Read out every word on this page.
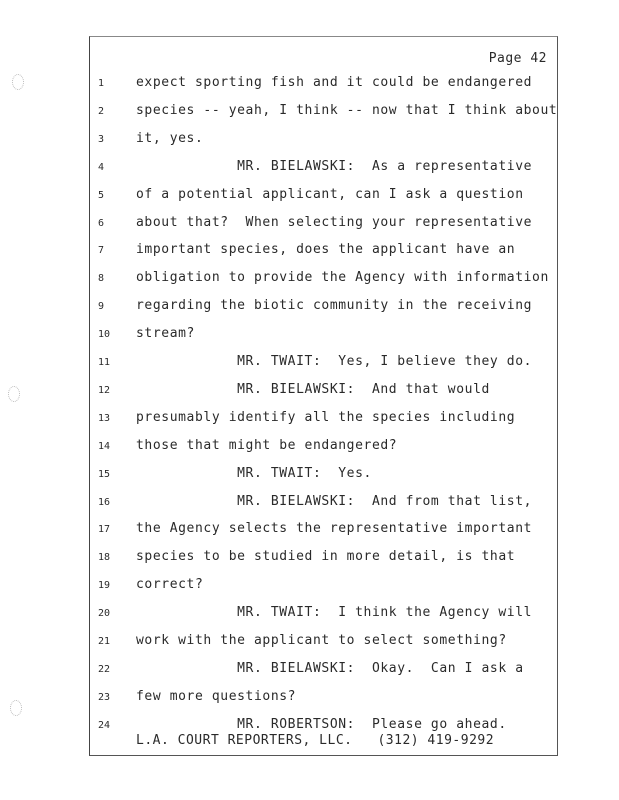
Page 42
1	expect sporting fish and it could be endangered
2	species -- yeah, I think -- now that I think about
3	it, yes.
4	MR. BIELAWSKI:  As a representative
5	of a potential applicant, can I ask a question
6	about that?  When selecting your representative
7	important species, does the applicant have an
8	obligation to provide the Agency with information
9	regarding the biotic community in the receiving
10	stream?
11	MR. TWAIT:  Yes, I believe they do.
12	MR. BIELAWSKI:  And that would
13	presumably identify all the species including
14	those that might be endangered?
15	MR. TWAIT:  Yes.
16	MR. BIELAWSKI:  And from that list,
17	the Agency selects the representative important
18	species to be studied in more detail, is that
19	correct?
20	MR. TWAIT:  I think the Agency will
21	work with the applicant to select something?
22	MR. BIELAWSKI:  Okay.  Can I ask a
23	few more questions?
24	MR. ROBERTSON:  Please go ahead.
L.A. COURT REPORTERS, LLC.   (312) 419-9292
